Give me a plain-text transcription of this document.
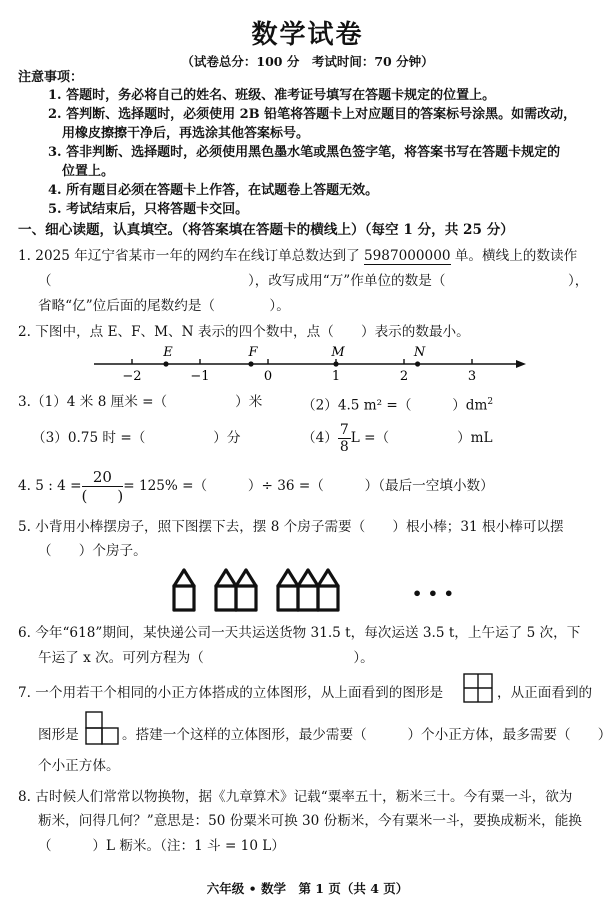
数学试卷
（试卷总分：100 分　考试时间：70 分钟）
注意事项：
1. 答题时，务必将自己的姓名、班级、准考证号填写在答题卡规定的位置上。
2. 答判断、选择题时，必须使用 2B 铅笔将答题卡上对应题目的答案标号涂黑。如需改动，
用橡皮擦擦干净后，再选涂其他答案标号。
3. 答非判断、选择题时，必须使用黑色墨水笔或黑色签字笔，将答案书写在答题卡规定的
位置上。
4. 所有题目必须在答题卡上作答，在试题卷上答题无效。
5. 考试结束后，只将答题卡交回。
一、细心读题，认真填空。（将答案填在答题卡的横线上）（每空 1 分，共 25 分）
1. 2025 年辽宁省某市一年的网约车在线订单总数达到了 5987000000 单。横线上的数读作
（	），改写成用“万”作单位的数是（	），
省略“亿”位后面的尾数约是（　　　　）。
2. 下图中，点 E、F、M、N 表示的四个数中，点（　　）表示的数最小。
−2	−1	0	1	2	3
E	F	M	N
3.（1）4 米 8 厘米 =（　　　　　）米	（2）4.5 m² =（　　　）$dm^2$
（3）0.75 时 =（　　　　　）分	$(4) \frac{7}{8}$ L =（　　　　　）mL
4. 5 : $4 = \frac{20}{( )} = 125\%$ =（　　　）÷ 36 =（　　　）（最后一空填小数）
5. 小背用小棒摆房子，照下图摆下去，摆 8 个房子需要（　　）根小棒；31 根小棒可以摆
（　　）个房子。
• • •
6. 今年“618”期间，某快递公司一天共运送货物 31.5 t，每次运送 3.5 t，上午运了 5 次，下
午运了 x 次。可列方程为（　　　　　　　　　　　）。
7. 一个用若干个相同的小正方体搭成的立体图形，从上面看到的图形是	，从正面看到的
图形是	。搭建一个这样的立体图形，最少需要（　　　）个小正方体，最多需要（　　）
个小正方体。
8. 古时候人们常常以物换物，据《九章算术》记载“粟率五十，粝米三十。今有粟一斗，欲为
粝米，问得几何？”意思是：50 份粟米可换 30 份粝米，今有粟米一斗，要换成粝米，能换
（　　　）L 粝米。（注：1 斗 = 10 L）
六年级 • 数学　第 1 页（共 4 页）
